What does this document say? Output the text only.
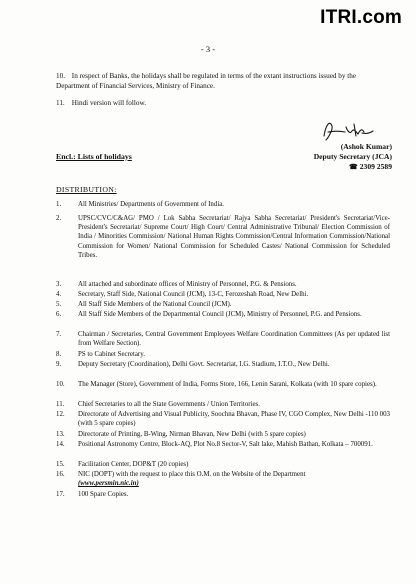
ITRI.com
- 3 -
10. In respect of Banks, the holidays shall be regulated in terms of the extant instructions issued by the Department of Financial Services, Ministry of Finance.
11. Hindi version will follow.
(Ashok Kumar)
Deputy Secretary (JCA)
☎ 2309 2589
Encl.: Lists of holidays
DISTRIBUTION:
1.	All Ministries/ Departments of Government of India.
2.	UPSC/CVC/C&AG/ PMO / Lok Sabha Secretariat/ Rajya Sabha Secretariat/ President's Secretariat/Vice-President's Secretariat/ Supreme Court/ High Court/ Central Administrative Tribunal/ Election Commission of India / Minorities Commission/ National Human Rights Commission/Central Information Commission/National Commission for Women/ National Commission for Scheduled Castes/ National Commission for Scheduled Tribes.
3.	All attached and subordinate offices of Ministry of Personnel, P.G. & Pensions.
4.	Secretary, Staff Side, National Council (JCM), 13-C, Ferozeshah Road, New Delhi.
5.	All Staff Side Members of the National Council (JCM).
6.	All Staff Side Members of the Departmental Council (JCM), Ministry of Personnel, P.G. and Pensions.
7.	Chairman / Secretaries, Central Government Employees Welfare Coordination Committees (As per updated list from Welfare Section).
8.	PS to Cabinet Secretary.
9.	Deputy Secretary (Coordination), Delhi Govt. Secretariat, I.G. Stadium, I.T.O., New Delhi.
10.	The Manager (Store), Government of India, Forms Store, 166, Lenin Sarani, Kolkata (with 10 spare copies).
11.	Chief Secretaries to all the State Governments / Union Territories.
12.	Directorate of Advertising and Visual Publicity, Soochna Bhavan, Phase IV, CGO Complex, New Delhi -110 003 (with 5 spare copies)
13.	Directorate of Printing, B-Wing, Nirman Bhavan, New Delhi (with 5 spare copies)
14.	Positional Astronomy Centre, Block-AQ, Plot No.8 Sector-V, Salt lake, Mahish Bathan, Kolkata – 700091.
15.	Facilitation Center, DOP&T (20 copies)
16.	NIC (DOPT) with the request to place this O.M. on the Website of the Department
(www.persmin.nic.in)
17.	100 Spare Copies.
